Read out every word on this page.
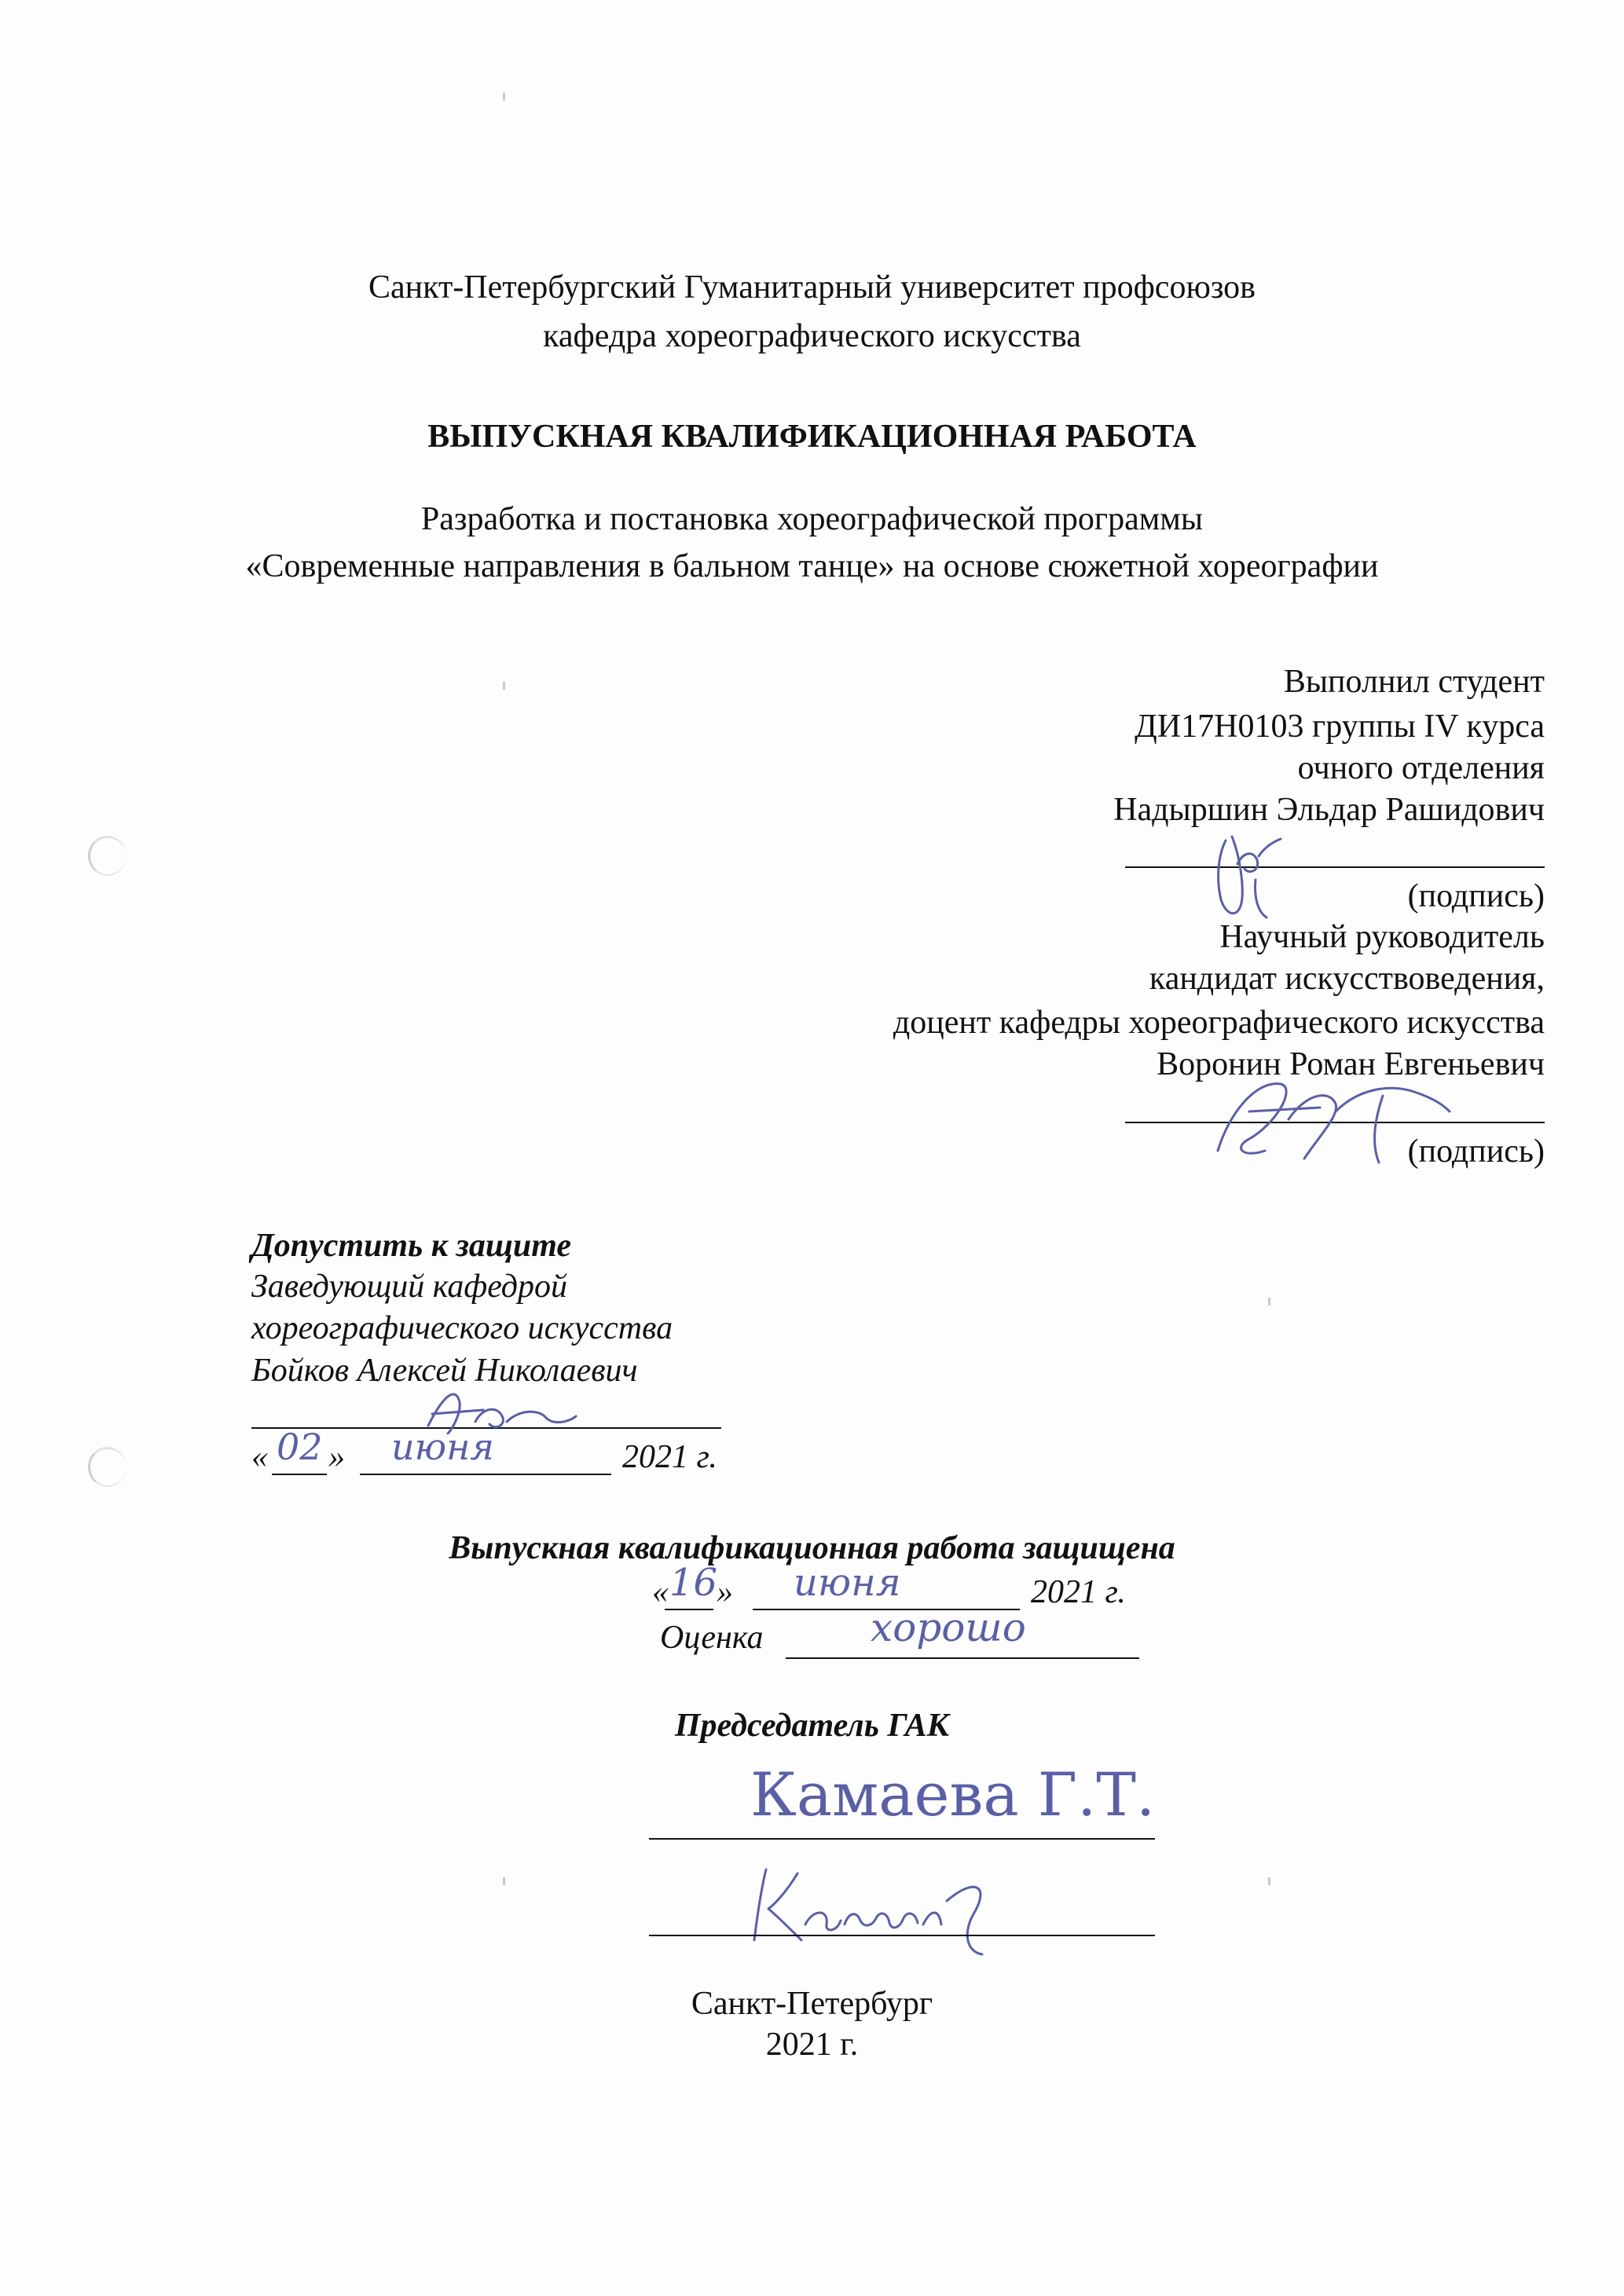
Санкт-Петербургский Гуманитарный университет профсоюзов
кафедра хореографического искусства
ВЫПУСКНАЯ КВАЛИФИКАЦИОННАЯ РАБОТА
Разработка и постановка хореографической программы
«Современные направления в бальном танце» на основе сюжетной хореографии
Выполнил студент
ДИ17Н0103 группы IV курса
очного отделения
Надыршин Эльдар Рашидович
(подпись)
Научный руководитель
кандидат искусствоведения,
доцент кафедры хореографического искусства
Воронин Роман Евгеньевич
(подпись)
Допустить к защите
Заведующий кафедрой
хореографического искусства
Бойков Алексей Николаевич
« 02 » июня	2021 г.
Выпускная квалификационная работа защищена
« 16
» июня	2021 г.
Оценка	хорошо
Председатель ГАК
Камаева Г.Т.
Санкт-Петербург
2021 г.
